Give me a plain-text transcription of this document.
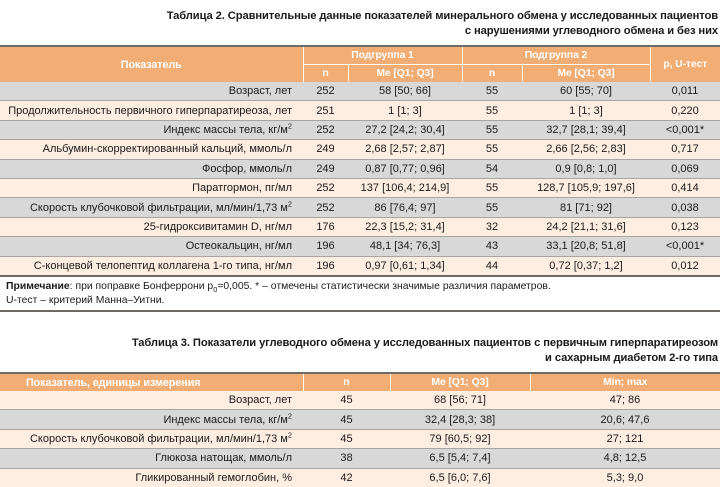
Таблица 2. Сравнительные данные показателей минерального обмена у исследованных пациентов
с нарушениями углеводного обмена и без них
Показатель	Подгруппа 1		Подгруппа 2		p, U-тест
	n	Ме [Q1; Q3]	n	Ме [Q1; Q3]	
Возраст, лет	252	58 [50; 66]	55	60 [55; 70]	0,011
Продолжительность первичного гиперпаратиреоза, лет	251	1 [1; 3]	55	1 [1; 3]	0,220
Индекс массы тела, $кг/м^2$	252	27,2 [24,2; 30,4]	55	32,7 [28,1; 39,4]	<0,001*
Альбумин-скорректированный кальций, ммоль/л	249	2,68 [2,57; 2,87]	55	2,66 [2,56; 2,83]	0,717
Фосфор, ммоль/л	249	0,87 [0,77; 0,96]	54	0,9 [0,8; 1,0]	0,069
Паратгормон, пг/мл	252	137 [106,4; 214,9]	55	128,7 [105,9; 197,6]	0,414
Скорость клубочковой фильтрации, мл/мин/1,73 $м^2$	252	86 [76,4; 97]	55	81 [71; 92]	0,038
25-гидроксивитамин D, нг/мл	176	22,3 [15,2; 31,4]	32	24,2 [21,1; 31,6]	0,123
Остеокальцин, нг/мл	196	48,1 [34; 76,3]	43	33,1 [20,8; 51,8]	<0,001*
С-концевой телопептид коллагена 1-го типа, нг/мл	196	0,97 [0,61; 1,34]	44	0,72 [0,37; 1,2]	0,012
Примечание: при поправке Бонферрони $p_0=0,005$. * – отмечены статистически значимые различия параметров.
U-тест – критерий Манна–Уитни.
Таблица 3. Показатели углеводного обмена у исследованных пациентов с первичным гиперпаратиреозом
и сахарным диабетом 2-го типа
Показатель, единицы измерения	n	Ме [Q1; Q3]	Min; max
Возраст, лет	45	68 [56; 71]	47; 86
Индекс массы тела, $кг/м^2$	45	32,4 [28,3; 38]	20,6; 47,6
Скорость клубочковой фильтрации, мл/мин/1,73 $м^2$	45	79 [60,5; 92]	27; 121
Глюкоза натощак, ммоль/л	38	6,5 [5,4; 7,4]	4,8; 12,5
Гликированный гемоглобин, %	42	6,5 [6,0; 7,6]	5,3; 9,0
